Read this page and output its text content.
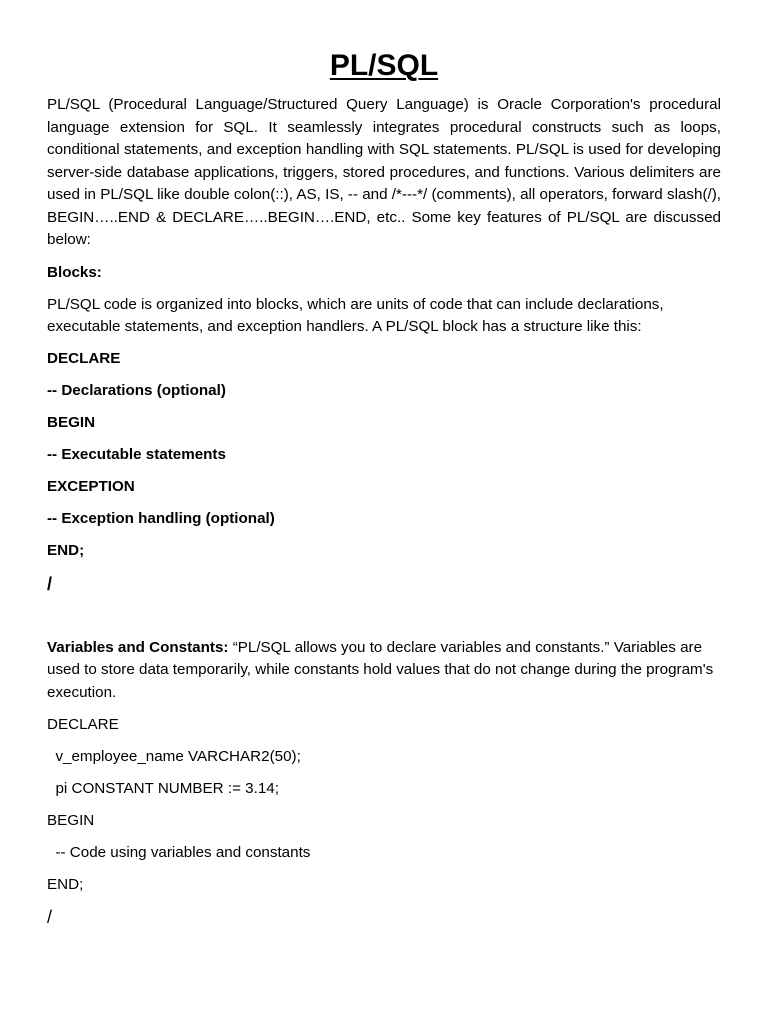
PL/SQL

PL/SQL (Procedural Language/Structured Query Language) is Oracle Corporation's procedural language extension for SQL. It seamlessly integrates procedural constructs such as loops, conditional statements, and exception handling with SQL statements. PL/SQL is used for developing server-side database applications, triggers, stored procedures, and functions. Various delimiters are used in PL/SQL like double colon(::), AS, IS, -- and /*---*/ (comments), all operators, forward slash(/), BEGIN…..END & DECLARE…..BEGIN….END, etc.. Some key features of PL/SQL are discussed below:

Blocks:

PL/SQL code is organized into blocks, which are units of code that can include declarations, executable statements, and exception handlers. A PL/SQL block has a structure like this:

DECLARE

-- Declarations (optional)

BEGIN

-- Executable statements

EXCEPTION

-- Exception handling (optional)

END;

/

Variables and Constants: “PL/SQL allows you to declare variables and constants.” Variables are used to store data temporarily, while constants hold values that do not change during the program's execution.

DECLARE

v_employee_name VARCHAR2(50);

pi CONSTANT NUMBER := 3.14;

BEGIN

-- Code using variables and constants

END;

/
